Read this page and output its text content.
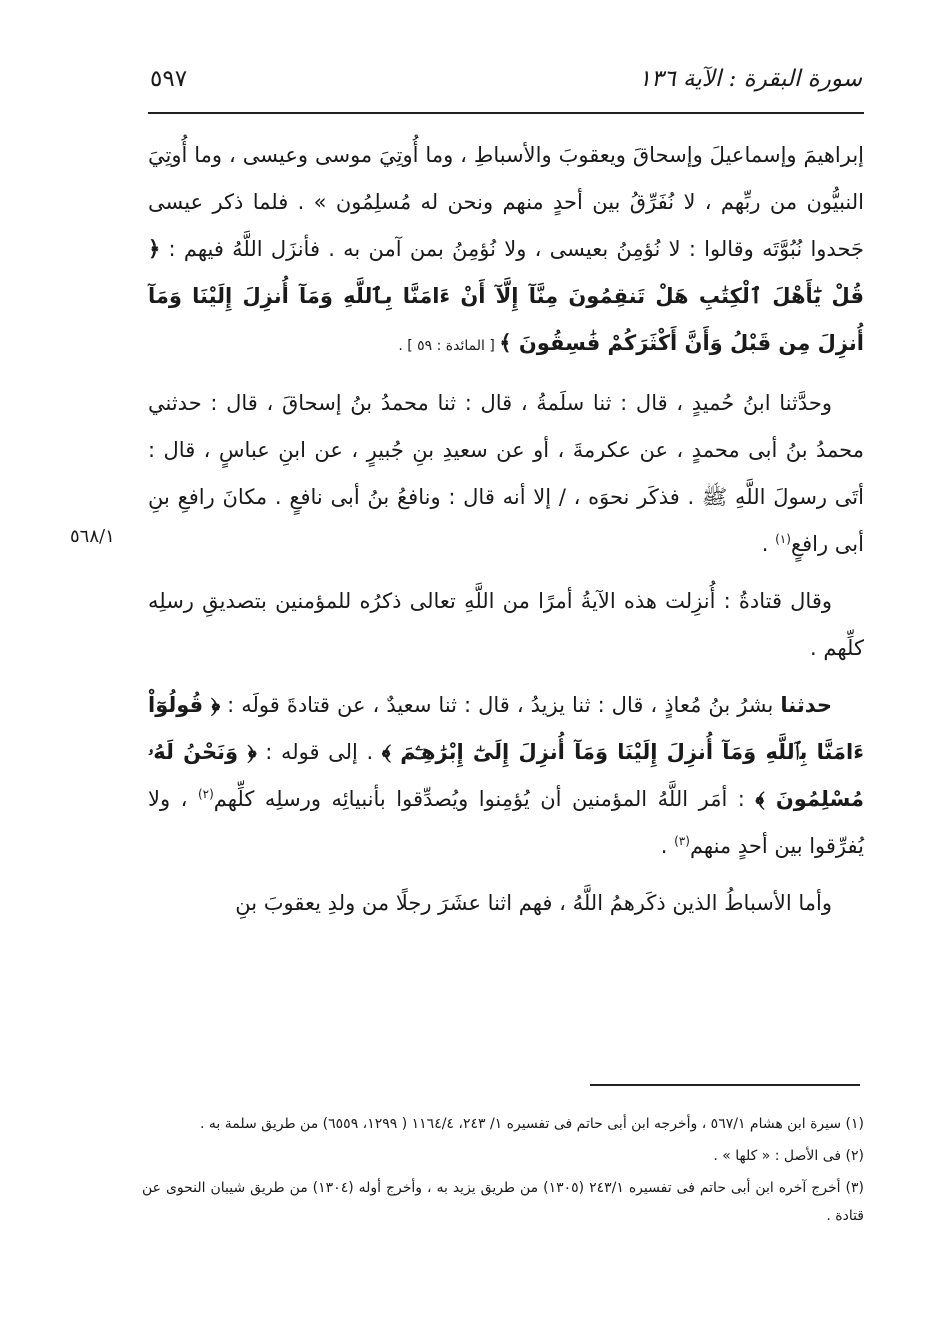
سورة البقرة : الآية ١٣٦
٥٩٧
٥٦٨/١

إبراهيمَ وإسماعيلَ وإسحاقَ ويعقوبَ والأسباطِ ، وما أُوتِيَ موسى وعيسى ، وما أُوتِيَ النبيُّون من ربِّهم ، لا نُفَرِّقُ بين أحدٍ منهم ونحن له مُسلِمُون » . فلما ذكر عيسى جَحدوا نُبُوَّتَه وقالوا : لا نُؤمِنُ بعيسى ، ولا نُؤمِنُ بمن آمن به . فأنزَل اللَّهُ فيهم : ﴿ قُلْ يَٰٓأَهْلَ ٱلْكِتَٰبِ هَلْ تَنقِمُونَ مِنَّآ إِلَّآ أَنْ ءَامَنَّا بِٱللَّهِ وَمَآ أُنزِلَ إِلَيْنَا وَمَآ أُنزِلَ مِن قَبْلُ وَأَنَّ أَكْثَرَكُمْ فَٰسِقُونَ ﴾ [ المائدة : ٥٩ ] .

وحدَّثنا ابنُ حُميدٍ ، قال : ثنا سلَمةُ ، قال : ثنا محمدُ بنُ إسحاقَ ، قال : حدثني محمدُ بنُ أبى محمدٍ ، عن عكرمةَ ، أو عن سعيدِ بنِ جُبيرٍ ، عن ابنِ عباسٍ ، قال : أتَى رسولَ اللَّهِ ﷺ . فذكَر نحوَه ، / إلا أنه قال : ونافعُ بنُ أبى نافعٍ . مكانَ رافعِ بنِ أبى رافعٍ$^{(١)}$ .

وقال قتادةُ : أُنزِلت هذه الآيةُ أمرًا من اللَّهِ تعالى ذكرُه للمؤمنين بتصديقِ رسلِه كلِّهم .

حدثنا بشرُ بنُ مُعاذٍ ، قال : ثنا يزيدُ ، قال : ثنا سعيدٌ ، عن قتادةَ قولَه : ﴿ قُولُوٓاْ ءَامَنَّا بِٱللَّهِ وَمَآ أُنزِلَ إِلَيْنَا وَمَآ أُنزِلَ إِلَىٰٓ إِبْرَٰهِـۧمَ ﴾ . إلى قوله : ﴿ وَنَحْنُ لَهُۥ مُسْلِمُونَ ﴾ : أمَر اللَّهُ المؤمنين أن يُؤمِنوا ويُصدِّقوا بأنبيائِه ورسلِه كلِّهم$^{(٢)}$ ، ولا يُفرِّقوا بين أحدٍ منهم$^{(٣)}$ .

وأما الأسباطُ الذين ذكَرهمُ اللَّهُ ، فهم اثنا عشَرَ رجلًا من ولدِ يعقوبَ بنِ

(١) سيرة ابن هشام ٥٦٧/١ ، وأخرجه ابن أبى حاتم فى تفسيره ١/ ٢٤٣، ١١٦٤/٤ ( ١٢٩٩، ٦٥٥٩) من طريق سلمة به .

(٢) فى الأصل : « كلها » .

(٣) أخرج آخره ابن أبى حاتم فى تفسيره ٢٤٣/١ (١٣٠٥) من طريق يزيد به ، وأخرج أوله (١٣٠٤) من طريق شيبان النحوى عن قتادة .
